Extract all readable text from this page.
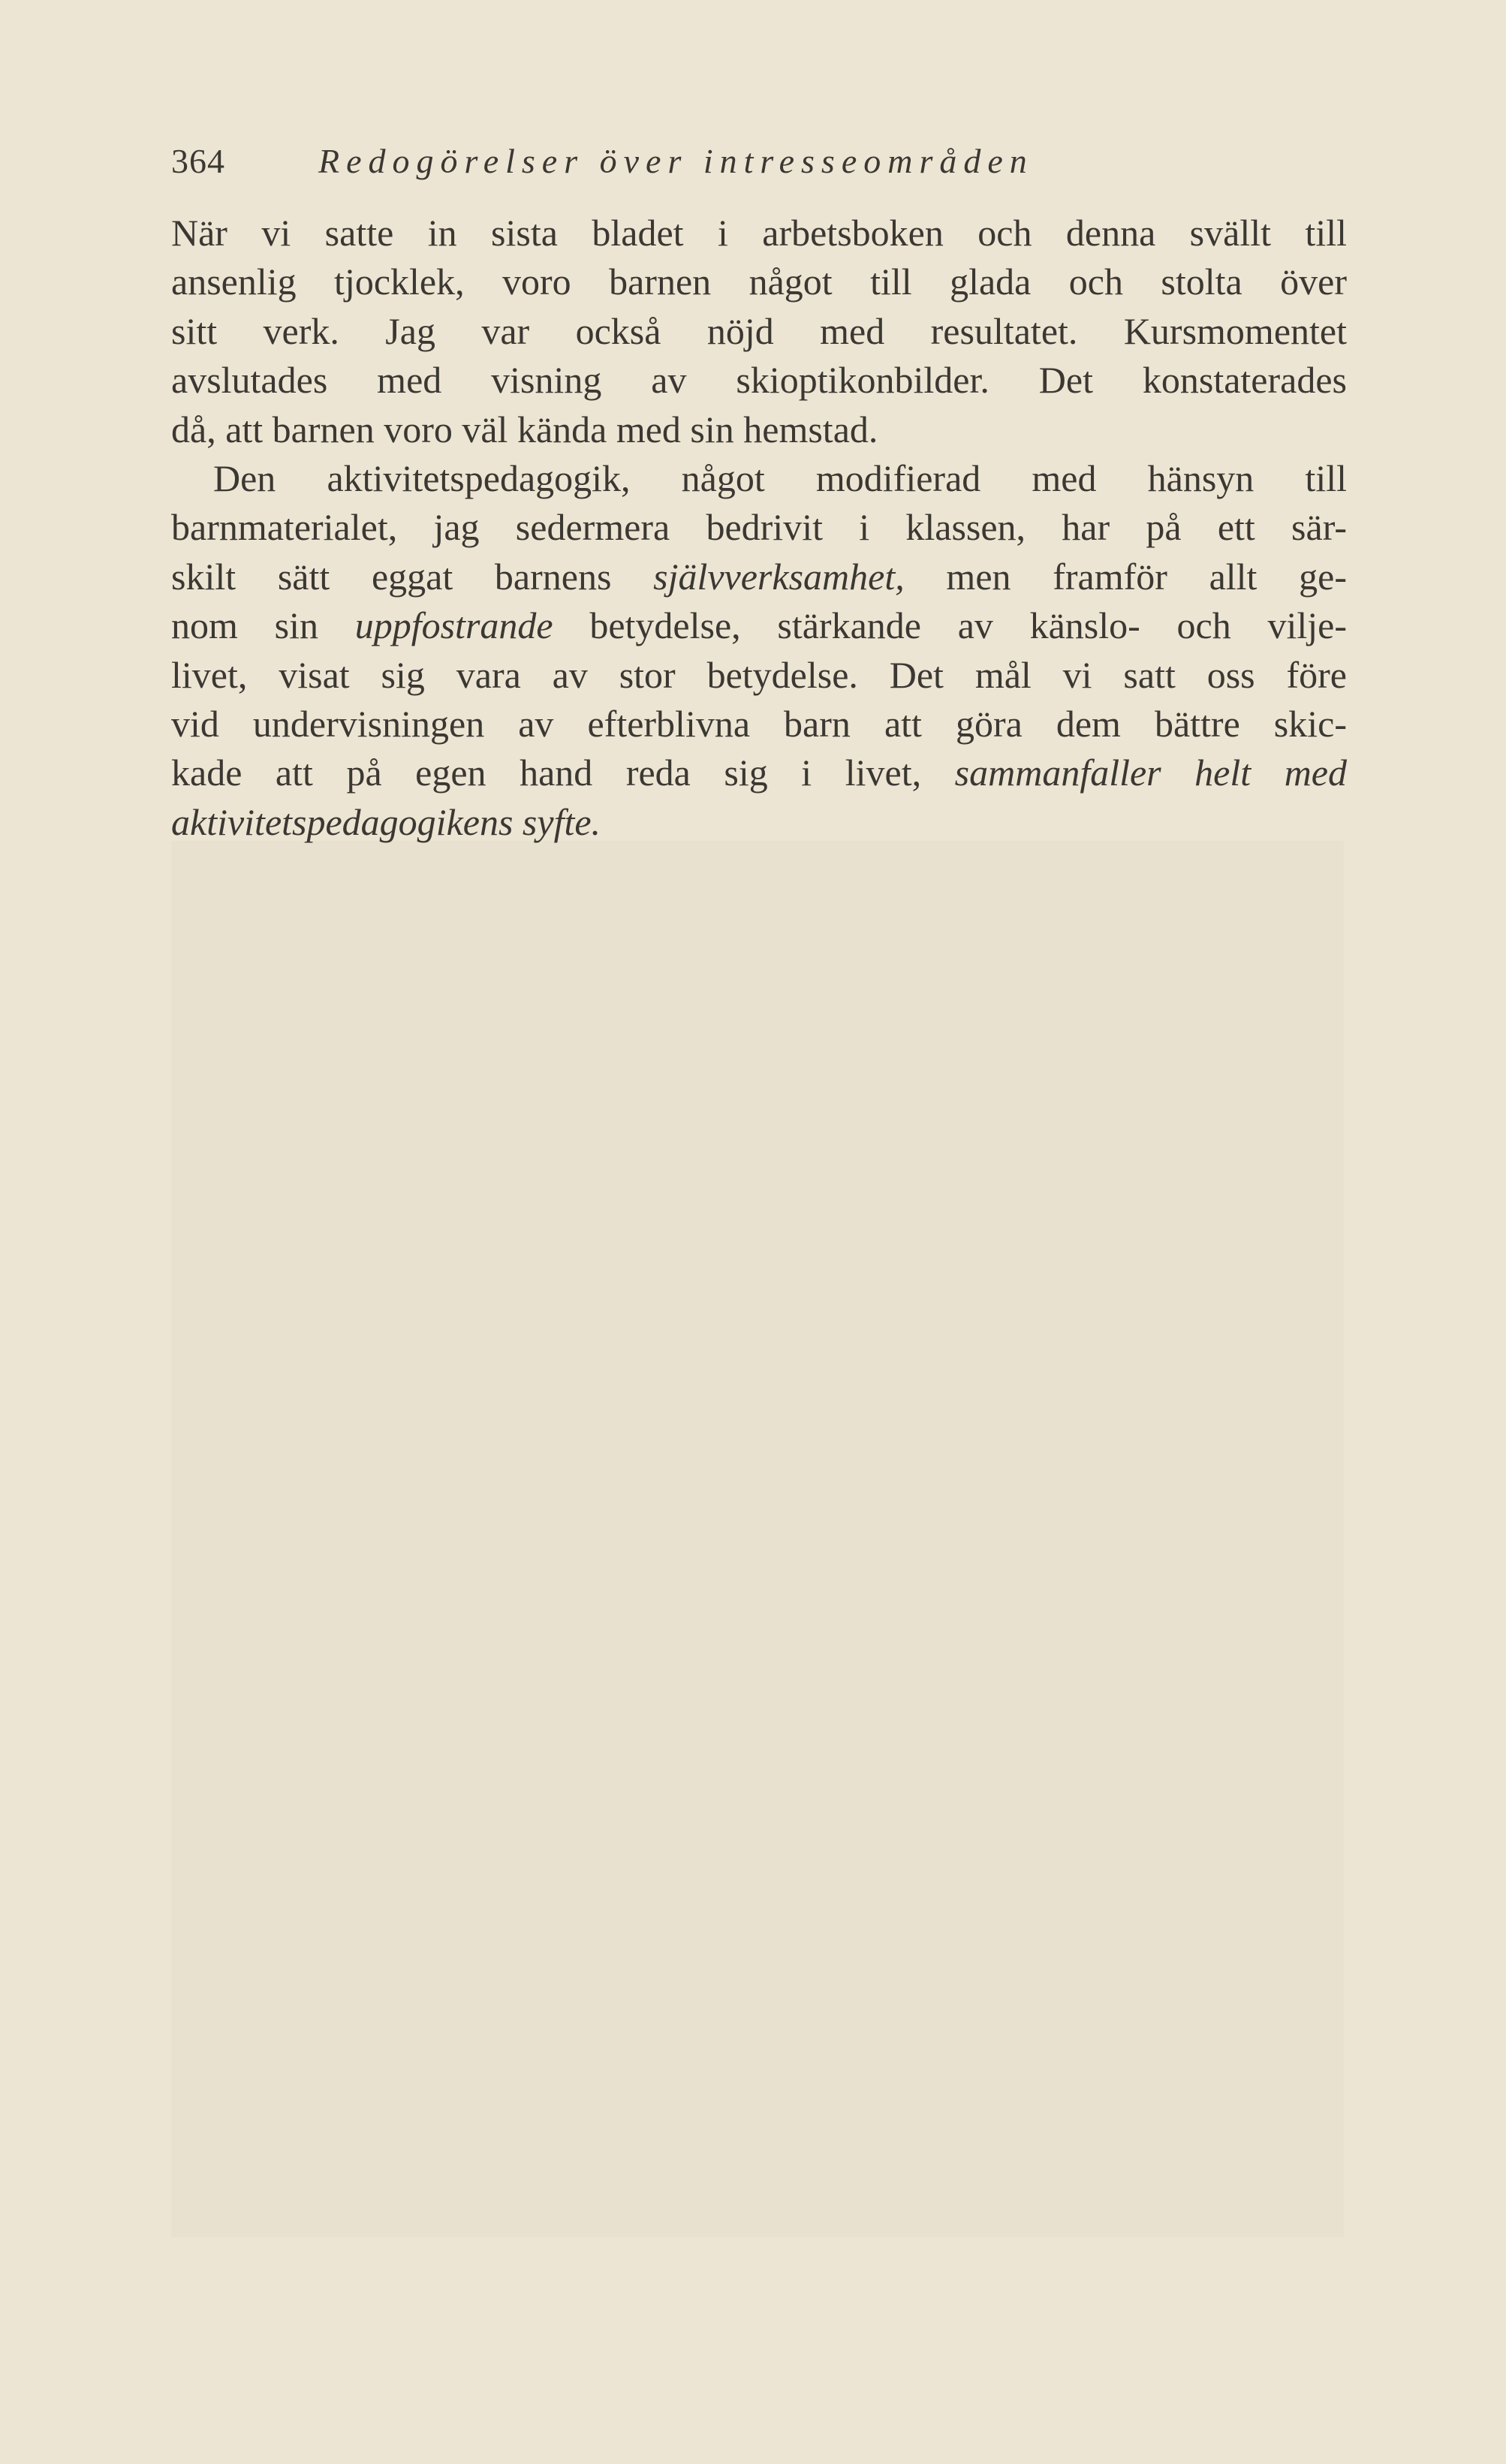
364	Redogörelser över intresseområden
När vi satte in sista bladet i arbetsboken och denna svällt till
ansenlig tjocklek, voro barnen något till glada och stolta över
sitt verk. Jag var också nöjd med resultatet. Kursmomentet
avslutades med visning av skioptikonbilder. Det konstaterades
då, att barnen voro väl kända med sin hemstad.
Den aktivitetspedagogik, något modifierad med hänsyn till
barnmaterialet, jag sedermera bedrivit i klassen, har på ett sär-
skilt sätt eggat barnens självverksamhet, men framför allt ge-
nom sin uppfostrande betydelse, stärkande av känslo- och vilje-
livet, visat sig vara av stor betydelse. Det mål vi satt oss före
vid undervisningen av efterblivna barn att göra dem bättre skic-
kade att på egen hand reda sig i livet, sammanfaller helt med
aktivitetspedagogikens syfte.
